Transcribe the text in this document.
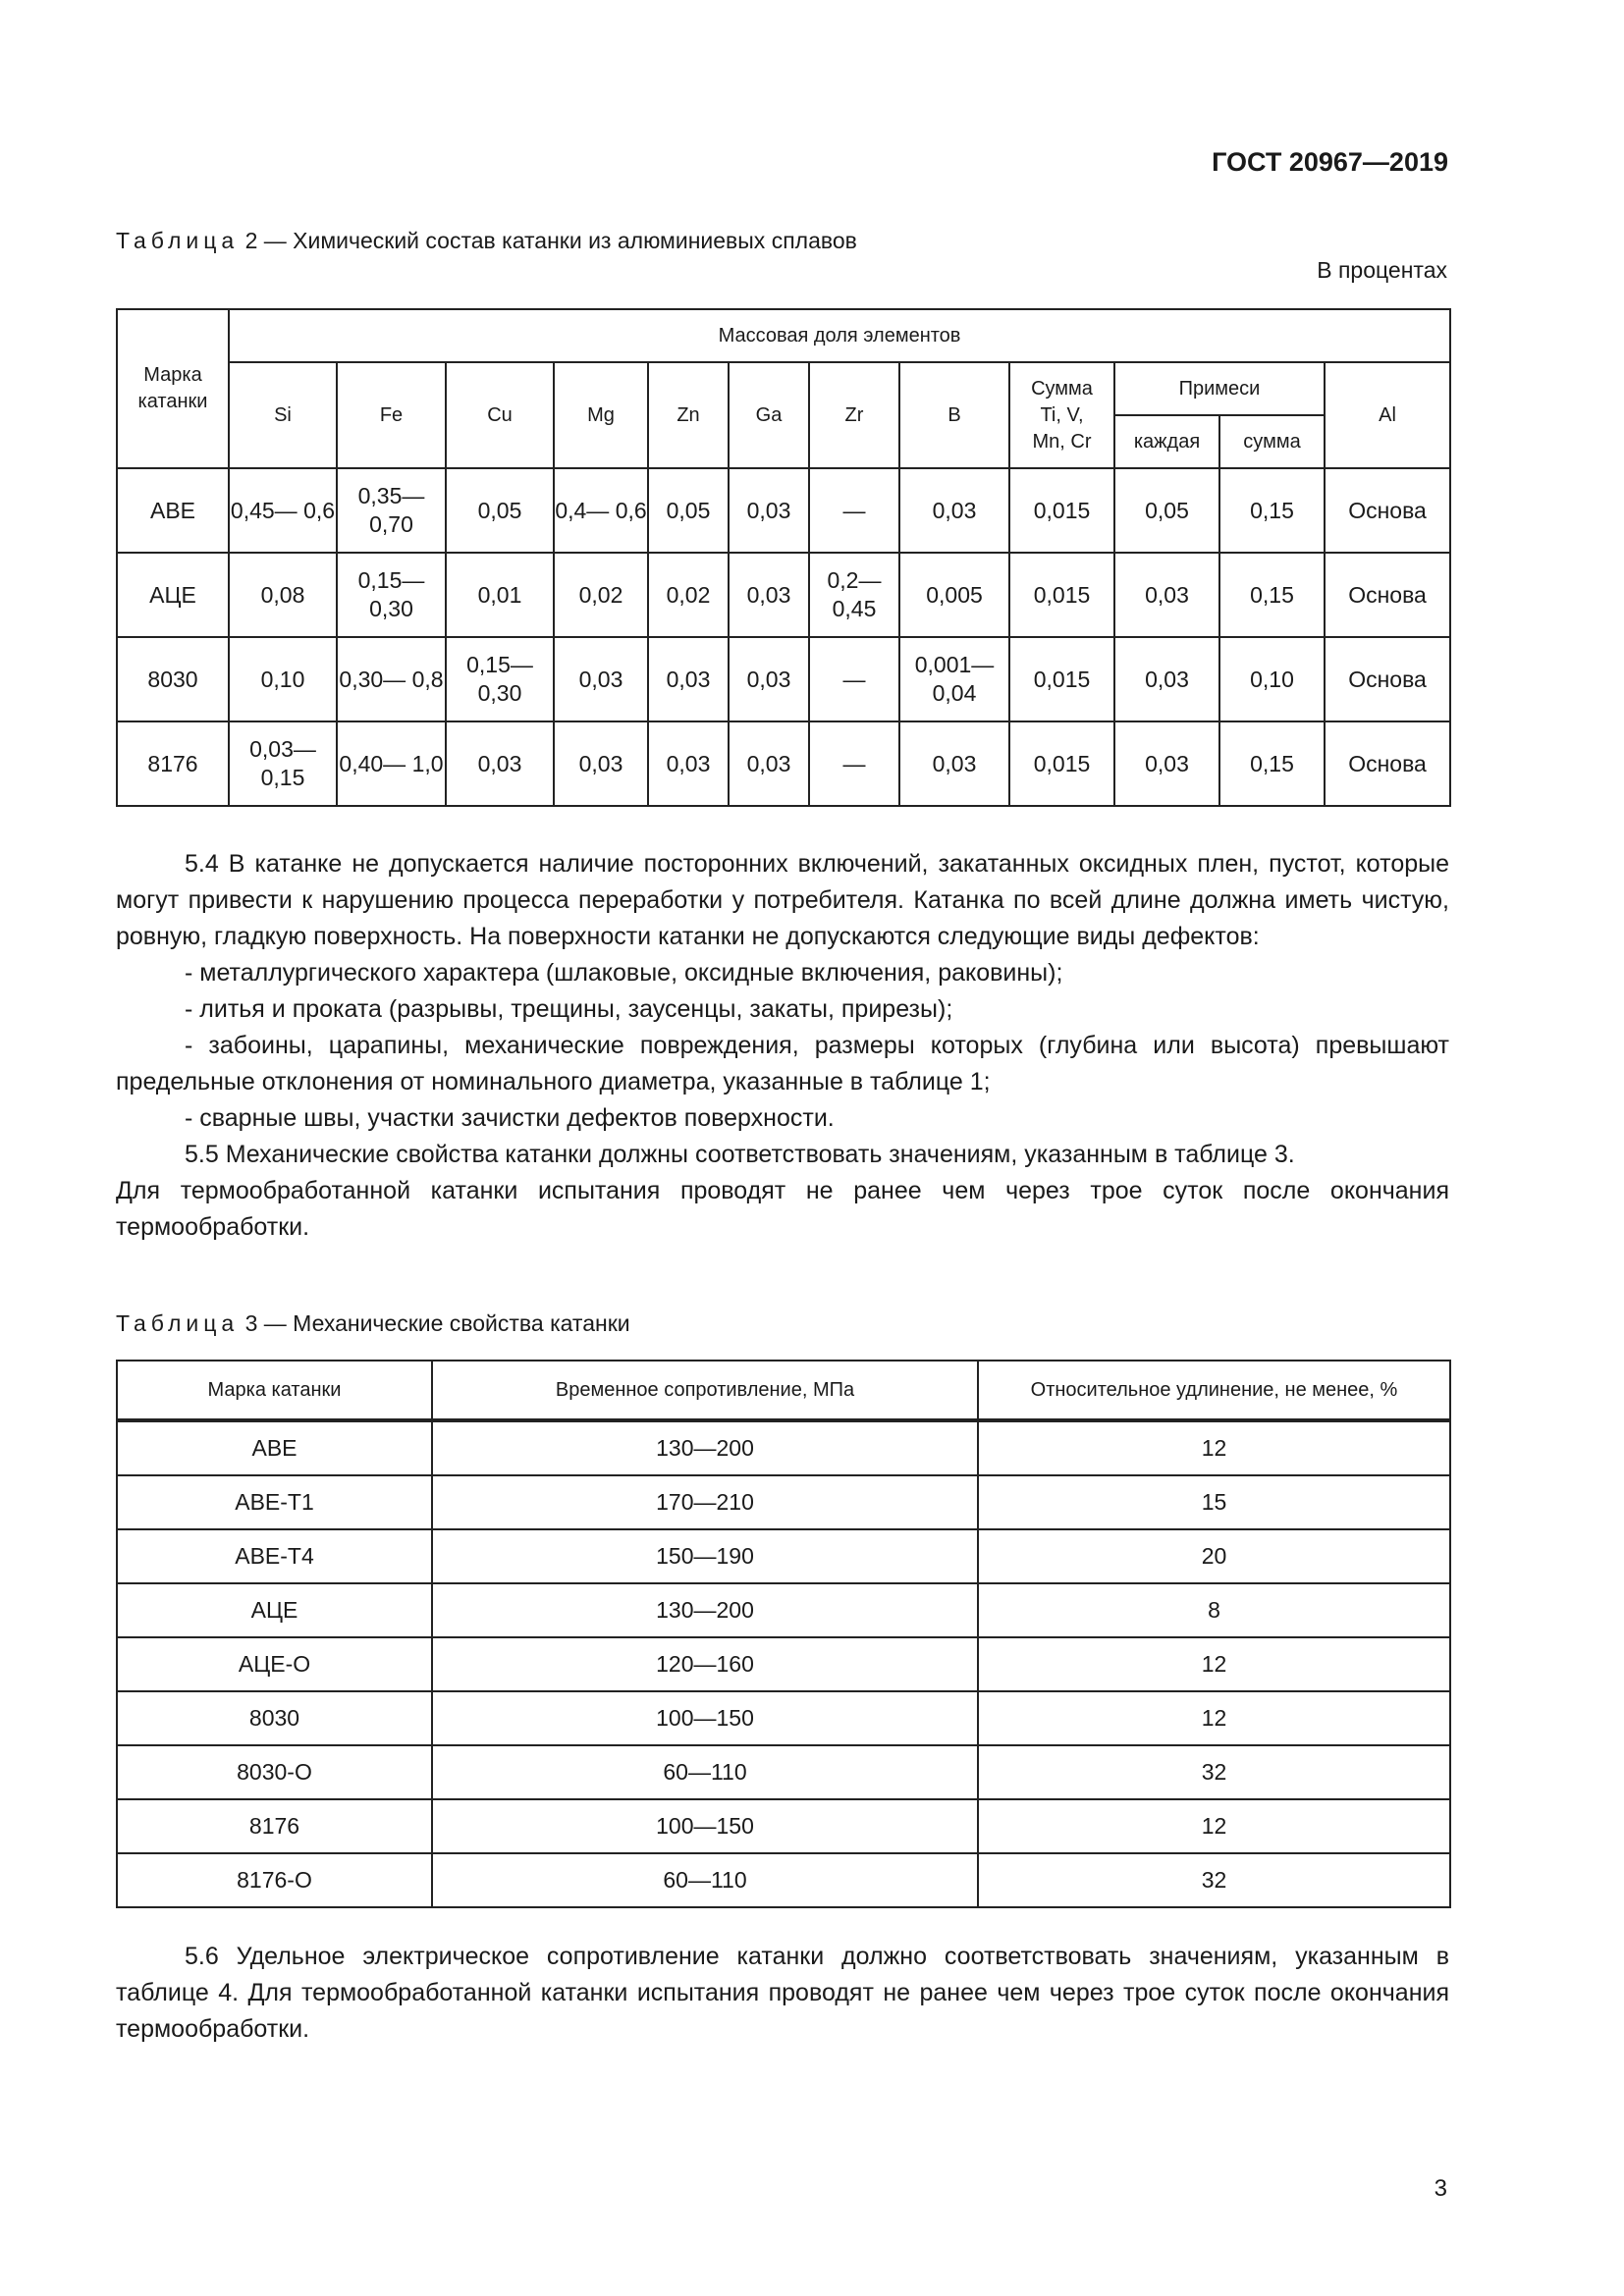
ГОСТ 20967—2019
Таблица 2 — Химический состав катанки из алюминиевых сплавов
В процентах
Марка катанки	Массовая доля элементов											
	Si	Fe	Cu	Mg	Zn	Ga	Zr	B	Сумма Ti, V, Mn, Cr	Примеси		Al
										каждая	сумма	
АВЕ	0,45— 0,6	0,35— 0,70	0,05	0,4— 0,6	0,05	0,03	—	0,03	0,015	0,05	0,15	Основа
АЦЕ	0,08	0,15— 0,30	0,01	0,02	0,02	0,03	0,2— 0,45	0,005	0,015	0,03	0,15	Основа
8030	0,10	0,30— 0,8	0,15— 0,30	0,03	0,03	0,03	—	0,001— 0,04	0,015	0,03	0,10	Основа
8176	0,03— 0,15	0,40— 1,0	0,03	0,03	0,03	0,03	—	0,03	0,015	0,03	0,15	Основа

5.4 В катанке не допускается наличие посторонних включений, закатанных оксидных плен, пустот, которые могут привести к нарушению процесса переработки у потребителя. Катанка по всей длине должна иметь чистую, ровную, гладкую поверхность. На поверхности катанки не допускаются следующие виды дефектов:

- металлургического характера (шлаковые, оксидные включения, раковины);

- литья и проката (разрывы, трещины, заусенцы, закаты, прирезы);

- забоины, царапины, механические повреждения, размеры которых (глубина или высота) превышают предельные отклонения от номинального диаметра, указанные в таблице 1;

- сварные швы, участки зачистки дефектов поверхности.

5.5 Механические свойства катанки должны соответствовать значениям, указанным в таблице 3.

Для термообработанной катанки испытания проводят не ранее чем через трое суток после окончания термообработки.

Таблица 3 — Механические свойства катанки
Марка катанки	Временное сопротивление, МПа	Относительное удлинение, не менее, %
АВЕ	130—200	12
АВЕ-Т1	170—210	15
АВЕ-Т4	150—190	20
АЦЕ	130—200	8
АЦЕ-О	120—160	12
8030	100—150	12
8030-О	60—110	32
8176	100—150	12
8176-О	60—110	32

5.6 Удельное электрическое сопротивление катанки должно соответствовать значениям, указанным в таблице 4. Для термообработанной катанки испытания проводят не ранее чем через трое суток после окончания термообработки.

3
